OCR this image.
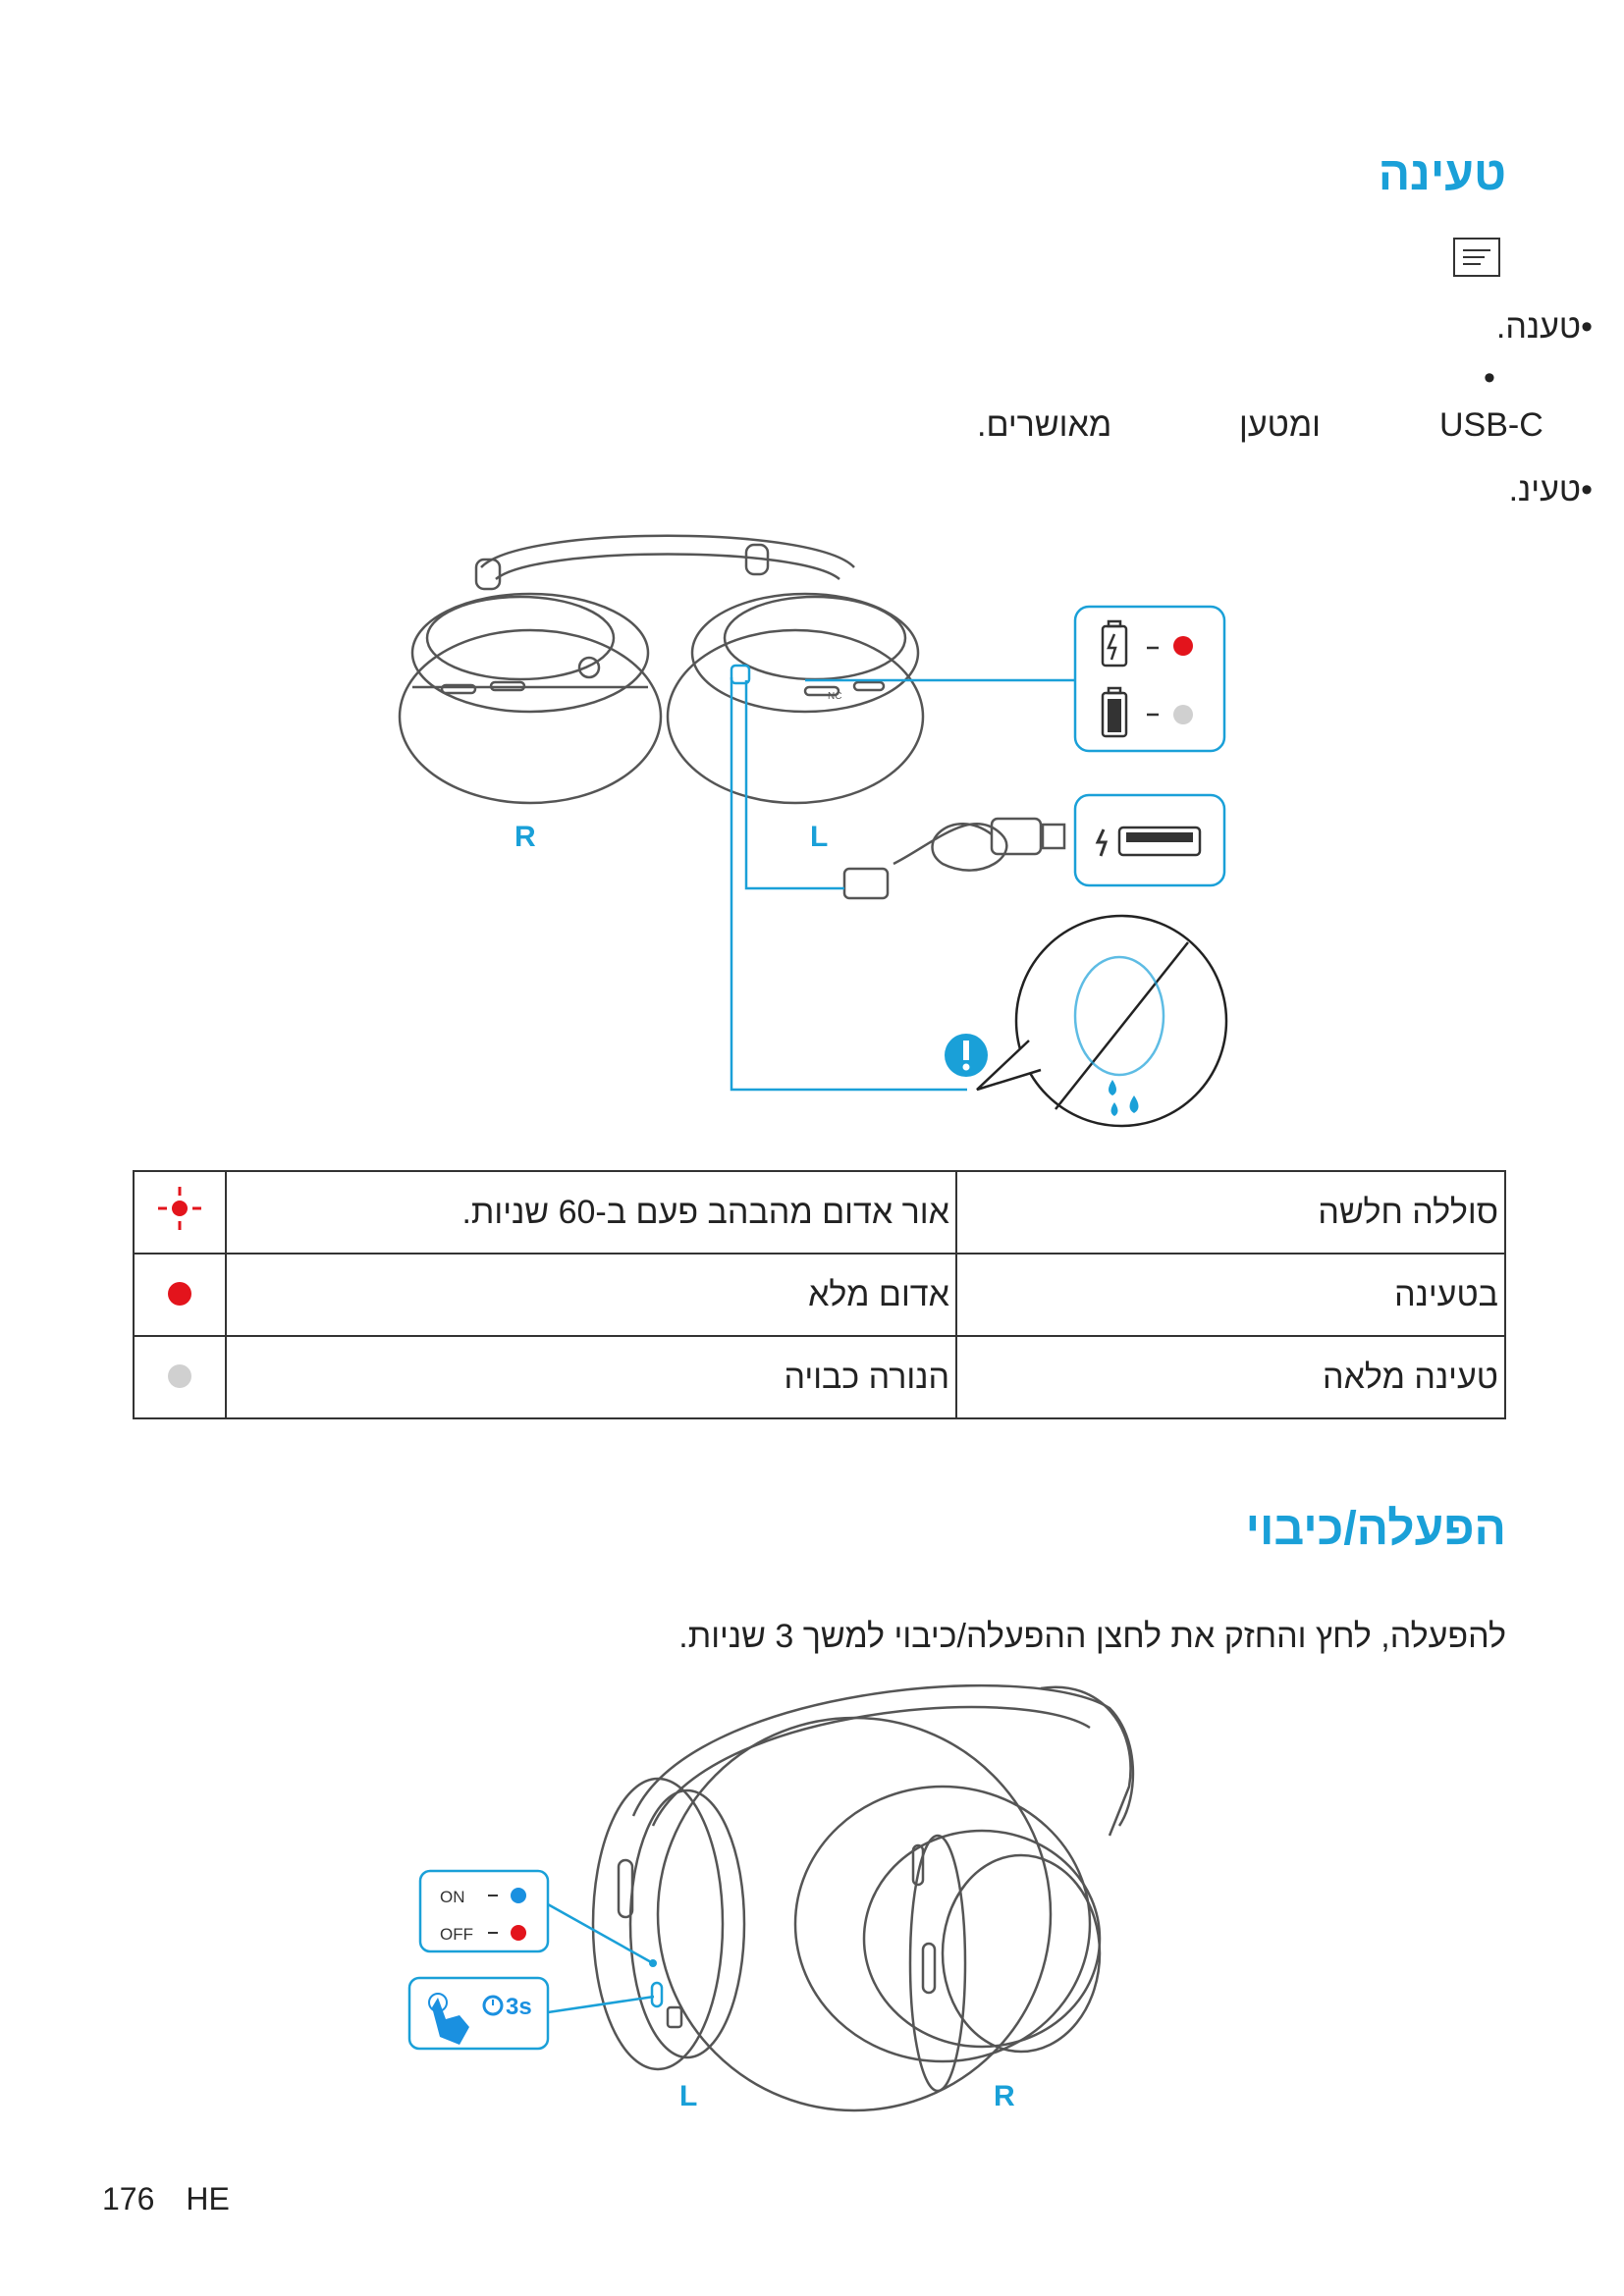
טעינה
•טענה.
•
USB-C
ומטען
מאושרים.
•טעינ.
R	L
NC
	אור אדום מהבהב פעם ב-60 שניות.	סוללה חלשה
	אדום מלא	בטעינה
	הנורה כבויה	טעינה מלאה
הפעלה/כיבוי
להפעלה, לחץ והחזק את לחצן ההפעלה/כיבוי למשך 3 שניות.
ON
OFF
3s
L	R
176 HE
